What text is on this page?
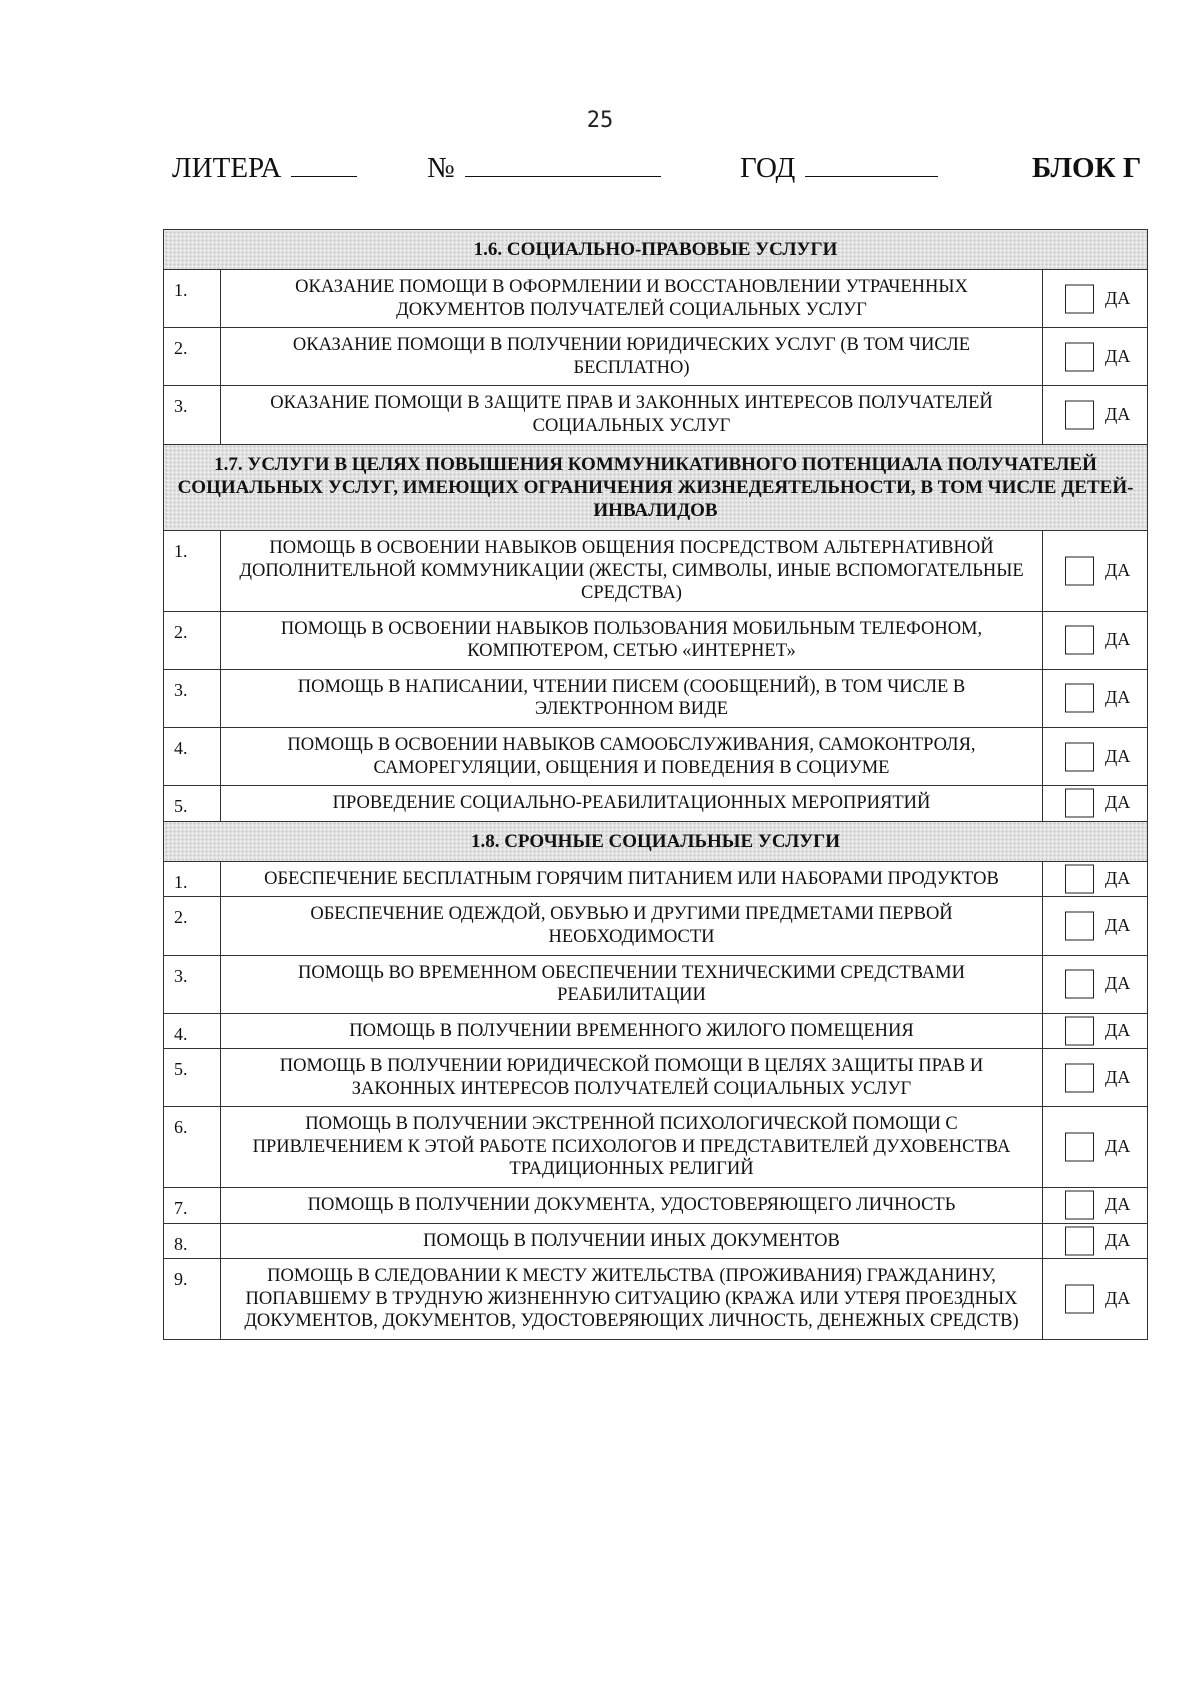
25
ЛИТЕРА	№	ГОД	БЛОК Г
1.6. СОЦИАЛЬНО-ПРАВОВЫЕ УСЛУГИ		
1.	ОКАЗАНИЕ ПОМОЩИ В ОФОРМЛЕНИИ И ВОССТАНОВЛЕНИИ УТРАЧЕННЫХ ДОКУМЕНТОВ ПОЛУЧАТЕЛЕЙ СОЦИАЛЬНЫХ УСЛУГ	ДА

2.	ОКАЗАНИЕ ПОМОЩИ В ПОЛУЧЕНИИ ЮРИДИЧЕСКИХ УСЛУГ (В ТОМ ЧИСЛЕ БЕСПЛАТНО)	ДА

3.	ОКАЗАНИЕ ПОМОЩИ В ЗАЩИТЕ ПРАВ И ЗАКОННЫХ ИНТЕРЕСОВ ПОЛУЧАТЕЛЕЙ СОЦИАЛЬНЫХ УСЛУГ	ДА

1.7. УСЛУГИ В ЦЕЛЯХ ПОВЫШЕНИЯ КОММУНИКАТИВНОГО ПОТЕНЦИАЛА ПОЛУЧАТЕЛЕЙ СОЦИАЛЬНЫХ УСЛУГ, ИМЕЮЩИХ ОГРАНИЧЕНИЯ ЖИЗНЕДЕЯТЕЛЬНОСТИ, В ТОМ ЧИСЛЕ ДЕТЕЙ-ИНВАЛИДОВ		
1.	ПОМОЩЬ В ОСВОЕНИИ НАВЫКОВ ОБЩЕНИЯ ПОСРЕДСТВОМ АЛЬТЕРНАТИВНОЙ ДОПОЛНИТЕЛЬНОЙ КОММУНИКАЦИИ (ЖЕСТЫ, СИМВОЛЫ, ИНЫЕ ВСПОМОГАТЕЛЬНЫЕ СРЕДСТВА)	ДА

2.	ПОМОЩЬ В ОСВОЕНИИ НАВЫКОВ ПОЛЬЗОВАНИЯ МОБИЛЬНЫМ ТЕЛЕФОНОМ, КОМПЮТЕРОМ, СЕТЬЮ «ИНТЕРНЕТ»	ДА

3.	ПОМОЩЬ В НАПИСАНИИ, ЧТЕНИИ ПИСЕМ (СООБЩЕНИЙ), В ТОМ ЧИСЛЕ В ЭЛЕКТРОННОМ ВИДЕ	ДА

4.	ПОМОЩЬ В ОСВОЕНИИ НАВЫКОВ САМООБСЛУЖИВАНИЯ, САМОКОНТРОЛЯ, САМОРЕГУЛЯЦИИ, ОБЩЕНИЯ И ПОВЕДЕНИЯ В СОЦИУМЕ	ДА

5.	ПРОВЕДЕНИЕ СОЦИАЛЬНО-РЕАБИЛИТАЦИОННЫХ МЕРОПРИЯТИЙ	ДА

1.8. СРОЧНЫЕ СОЦИАЛЬНЫЕ УСЛУГИ		
1.	ОБЕСПЕЧЕНИЕ БЕСПЛАТНЫМ ГОРЯЧИМ ПИТАНИЕМ ИЛИ НАБОРАМИ ПРОДУКТОВ	ДА

2.	ОБЕСПЕЧЕНИЕ ОДЕЖДОЙ, ОБУВЬЮ И ДРУГИМИ ПРЕДМЕТАМИ ПЕРВОЙ НЕОБХОДИМОСТИ	ДА

3.	ПОМОЩЬ ВО ВРЕМЕННОМ ОБЕСПЕЧЕНИИ ТЕХНИЧЕСКИМИ СРЕДСТВАМИ РЕАБИЛИТАЦИИ	ДА

4.	ПОМОЩЬ В ПОЛУЧЕНИИ ВРЕМЕННОГО ЖИЛОГО ПОМЕЩЕНИЯ	ДА

5.	ПОМОЩЬ В ПОЛУЧЕНИИ ЮРИДИЧЕСКОЙ ПОМОЩИ В ЦЕЛЯХ ЗАЩИТЫ ПРАВ И ЗАКОННЫХ ИНТЕРЕСОВ ПОЛУЧАТЕЛЕЙ СОЦИАЛЬНЫХ УСЛУГ	ДА

6.	ПОМОЩЬ В ПОЛУЧЕНИИ ЭКСТРЕННОЙ ПСИХОЛОГИЧЕСКОЙ ПОМОЩИ С ПРИВЛЕЧЕНИЕМ К ЭТОЙ РАБОТЕ ПСИХОЛОГОВ И ПРЕДСТАВИТЕЛЕЙ ДУХОВЕНСТВА ТРАДИЦИОННЫХ РЕЛИГИЙ	ДА

7.	ПОМОЩЬ В ПОЛУЧЕНИИ ДОКУМЕНТА, УДОСТОВЕРЯЮЩЕГО ЛИЧНОСТЬ	ДА

8.	ПОМОЩЬ В ПОЛУЧЕНИИ ИНЫХ ДОКУМЕНТОВ	ДА

9.	ПОМОЩЬ В СЛЕДОВАНИИ К МЕСТУ ЖИТЕЛЬСТВА (ПРОЖИВАНИЯ) ГРАЖДАНИНУ, ПОПАВШЕМУ В ТРУДНУЮ ЖИЗНЕННУЮ СИТУАЦИЮ (КРАЖА ИЛИ УТЕРЯ ПРОЕЗДНЫХ ДОКУМЕНТОВ, ДОКУМЕНТОВ, УДОСТОВЕРЯЮЩИХ ЛИЧНОСТЬ, ДЕНЕЖНЫХ СРЕДСТВ)	ДА
